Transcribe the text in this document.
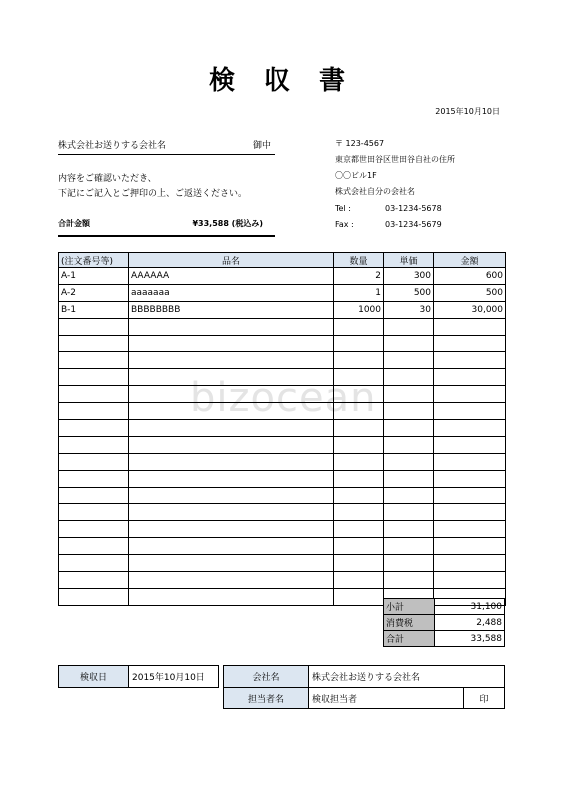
bizocean
検 収 書
2015年10月10日
株式会社お送りする会社名	御中
内容をご確認いただき、
下記にご記入とご押印の上、ご返送ください。
合計金額	¥33,588 (税込み)
〒 123-4567
東京都世田谷区世田谷自社の住所
〇〇ビル1F
株式会社自分の会社名
Tel :	03-1234-5678
Fax :	03-1234-5679
(注文番号等)	品名	数量	単価	金額
A-1	AAAAAA	2	300	600
A-2	aaaaaaa	1	500	500
B-1	BBBBBBBB	1000	30	30,000

小計	31,100
消費税	2,488
合計	33,588
検収日	2015年10月10日	会社名	株式会社お送りする会社名
担当者名	検収担当者	印
